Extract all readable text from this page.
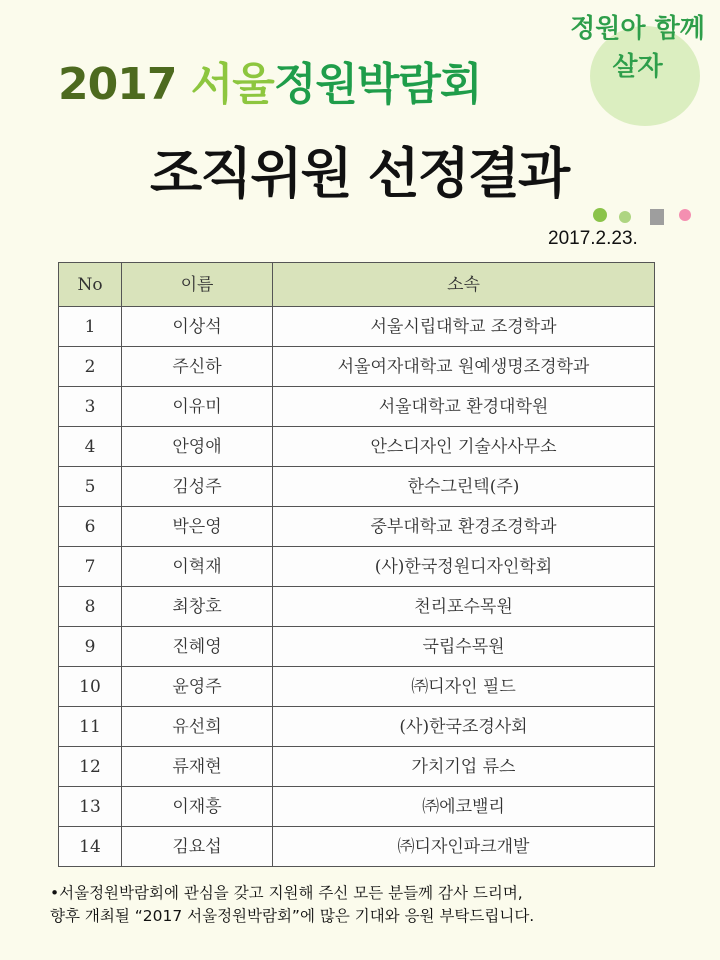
2017 서울정원박람회
정원아 함께 살자
조직위원 선정결과
2017.2.23.
No	이름	소속
1	이상석	서울시립대학교 조경학과
2	주신하	서울여자대학교 원예생명조경학과
3	이유미	서울대학교 환경대학원
4	안영애	안스디자인 기술사사무소
5	김성주	한수그린텍(주)
6	박은영	중부대학교 환경조경학과
7	이혁재	(사)한국정원디자인학회
8	최창호	천리포수목원
9	진혜영	국립수목원
10	윤영주	㈜디자인 필드
11	유선희	(사)한국조경사회
12	류재현	가치기업 류스
13	이재흥	㈜에코밸리
14	김요섭	㈜디자인파크개발
•서울정원박람회에 관심을 갖고 지원해 주신 모든 분들께 감사 드리며,
향후 개최될 “2017 서울정원박람회”에 많은 기대와 응원 부탁드립니다.
